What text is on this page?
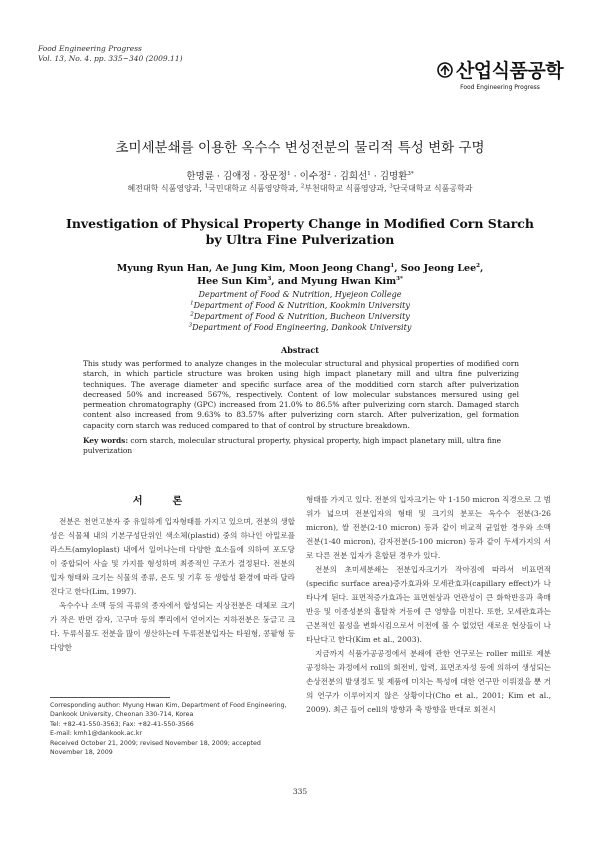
Food Engineering Progress
Vol. 13, No. 4. pp. 335~340 (2009.11)
산업식품공학
Food Engineering Progress
초미세분쇄를 이용한 옥수수 변성전분의 물리적 특성 변화 구명
한명륜 · 김애정 · 장문정$^1$ · 이수정$^2$ · 김희선$^1$ · 김명환$^{3*}$
혜전대학 식품영양과, $^1$국민대학교 식품영양학과, $^2$부천대학교 식품영양과, $^3$단국대학교 식품공학과
Investigation of Physical Property Change in Modified Corn Starch
by Ultra Fine Pulverization
Myung Ryun Han, Ae Jung Kim, Moon Jeong Chang$^1$, Soo Jeong Lee$^2$,
Hee Sun Kim$^3$, and Myung Hwan Kim$^{3*}$
Department of Food & Nutrition, Hyejeon College
$^1$Department of Food & Nutrition, Kookmin University
$^2$Department of Food & Nutrition, Bucheon University
$^3$Department of Food Engineering, Dankook University
Abstract
This study was performed to analyze changes in the molecular structural and physical properties of modified corn starch, in which particle structure was broken using high impact planetary mill and ultra fine pulverizing techniques. The average diameter and specific surface area of the modditied corn starch after pulverization decreased 50% and increased 567%, respectively. Content of low molecular substances mersured using gel permeation chromatography (GPC) increased from 21.0% to 86.5% after pulverizing corn starch. Damaged starch content also increased from 9.63% to 83.57% after pulverizing corn starch. After pulverization, gel formation capacity corn starch was reduced compared to that of control by structure breakdown.
Key words: corn starch, molecular structural property, physical property, high impact planetary mill, ultra fine pulverization
서론

전분은 천연고분자 중 유일하게 입자형태를 가지고 있으며, 전분의 생합성은 식물체 내의 기본구성단위인 색소체(plastid) 중의 하나인 아밀로플라스트(amyloplast) 내에서 일어나는데 다양한 효소들에 의하여 포도당이 중합되어 사슬 및 가지를 형성하며 최종적인 구조가 결정된다. 전분의 입자 형태와 크기는 식물의 종류, 온도 및 기후 등 생합성 환경에 따라 달라진다고 한다(Lim, 1997).

옥수수나 소맥 등의 곡류의 종자에서 합성되는 지상전분은 대체로 크기가 작은 반면 감자, 고구마 등의 뿌리에서 얻어지는 지하전분은 둥글고 크다. 두류식물도 전분을 많이 생산하는데 두류전분입자는 타원형, 콩팥형 등 다양한

형태를 가지고 있다. 전분의 입자크기는 약 1-150 micron 직경으로 그 범위가 넓으며 전분입자의 형태 및 크기의 분포는 옥수수 전분(3-26 micron), 쌀 전분(2-10 micron) 등과 같이 비교적 균일한 경우와 소맥 전분(1-40 micron), 감자전분(5-100 micron) 등과 같이 두세가지의 서로 다른 전분 입자가 혼합된 경우가 있다.

전분의 초미세분쇄는 전분입자크기가 작아짐에 따라서 비표면적(specific surface area)증가효과와 모세관효과(capillary effect)가 나타나게 된다. 표면적증가효과는 표면현상과 연관성이 큰 화학반응과 촉매반응 및 이종성분의 흡탈착 거동에 큰 영향을 미친다. 또한, 모세관효과는 근본적인 물성을 변화시킴으로서 이전에 볼 수 없었던 새로운 현상들이 나타난다고 한다(Kim et al., 2003).

지금까지 식품가공공정에서 분쇄에 관한 연구로는 roller mill로 제분 공정하는 과정에서 roll의 회전비, 압력, 표면조자성 등에 의하여 생성되는 손상전분의 발생정도 및 제품에 미치는 특성에 대한 연구만 이뤄졌을 뿐 거의 연구가 이루어지지 않은 상황이다(Cho et al., 2001; Kim et al., 2009). 최근 들어 cell의 방향과 축 방향을 반대로 회전시

Corresponding author: Myung Hwan Kim, Department of Food Engineering, Dankook University, Cheonan 330-714, Korea
Tel: +82-41-550-3563; Fax: +82-41-550-3566
E-mail: kmh1@dankook.ac.kr
Received October 21, 2009; revised November 18, 2009; accepted November 18, 2009
335
